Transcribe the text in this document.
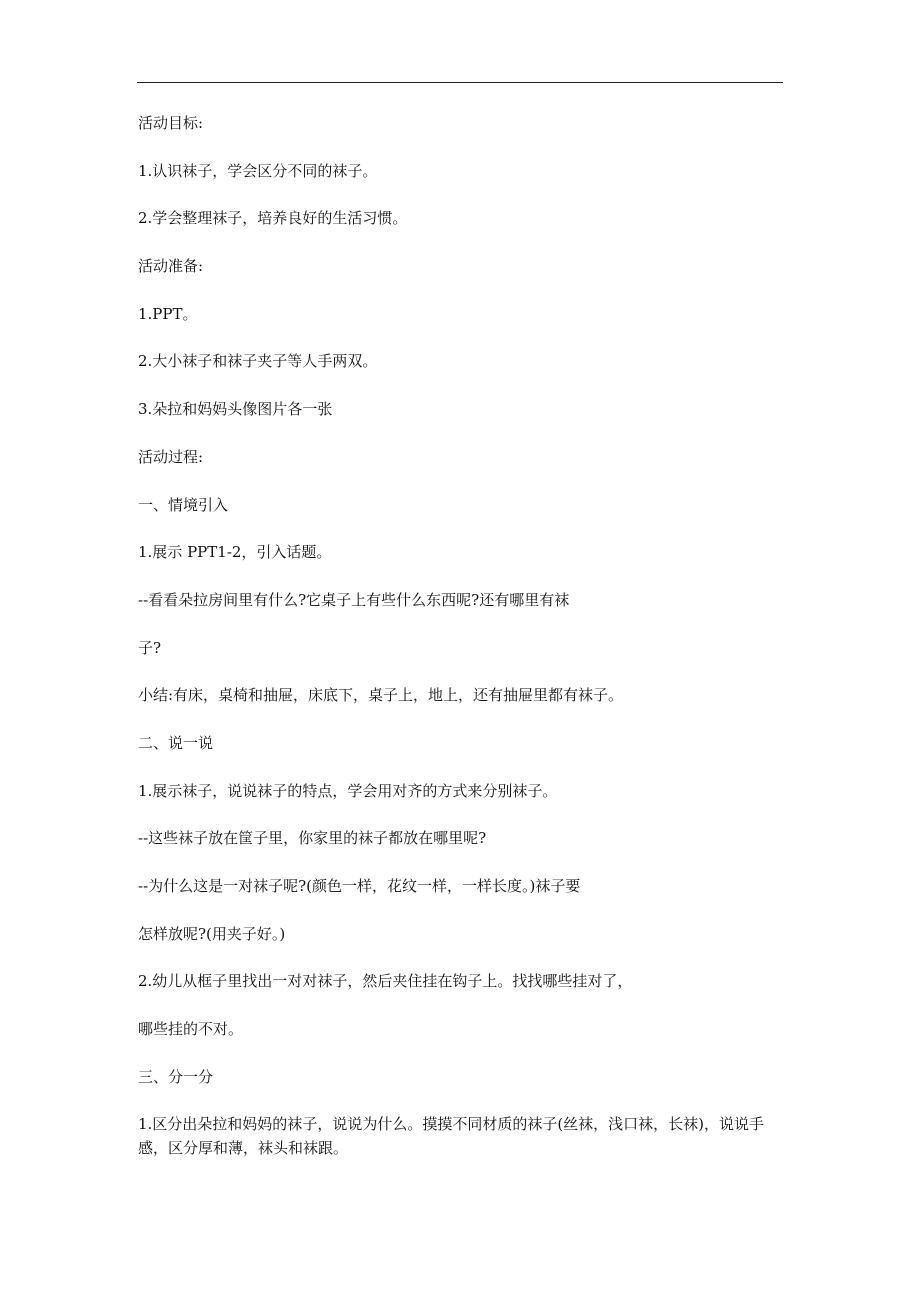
活动目标:
1.认识袜子，学会区分不同的袜子。
2.学会整理袜子，培养良好的生活习惯。
活动准备:
1.PPT。
2.大小袜子和袜子夹子等人手两双。
3.朵拉和妈妈头像图片各一张
活动过程:
一、情境引入
1.展示 PPT1-2，引入话题。
--看看朵拉房间里有什么?它桌子上有些什么东西呢?还有哪里有袜
子?
小结:有床，桌椅和抽屉，床底下，桌子上，地上，还有抽屉里都有袜子。
二、说一说
1.展示袜子，说说袜子的特点，学会用对齐的方式来分别袜子。
--这些袜子放在筐子里，你家里的袜子都放在哪里呢?
--为什么这是一对袜子呢?(颜色一样，花纹一样，一样长度。)袜子要
怎样放呢?(用夹子好。)
2.幼儿从框子里找出一对对袜子，然后夹住挂在钩子上。找找哪些挂对了，
哪些挂的不对。
三、分一分
1.区分出朵拉和妈妈的袜子，说说为什么。摸摸不同材质的袜子(丝袜，浅口袜，长袜)，说说手感，区分厚和薄，袜头和袜跟。
